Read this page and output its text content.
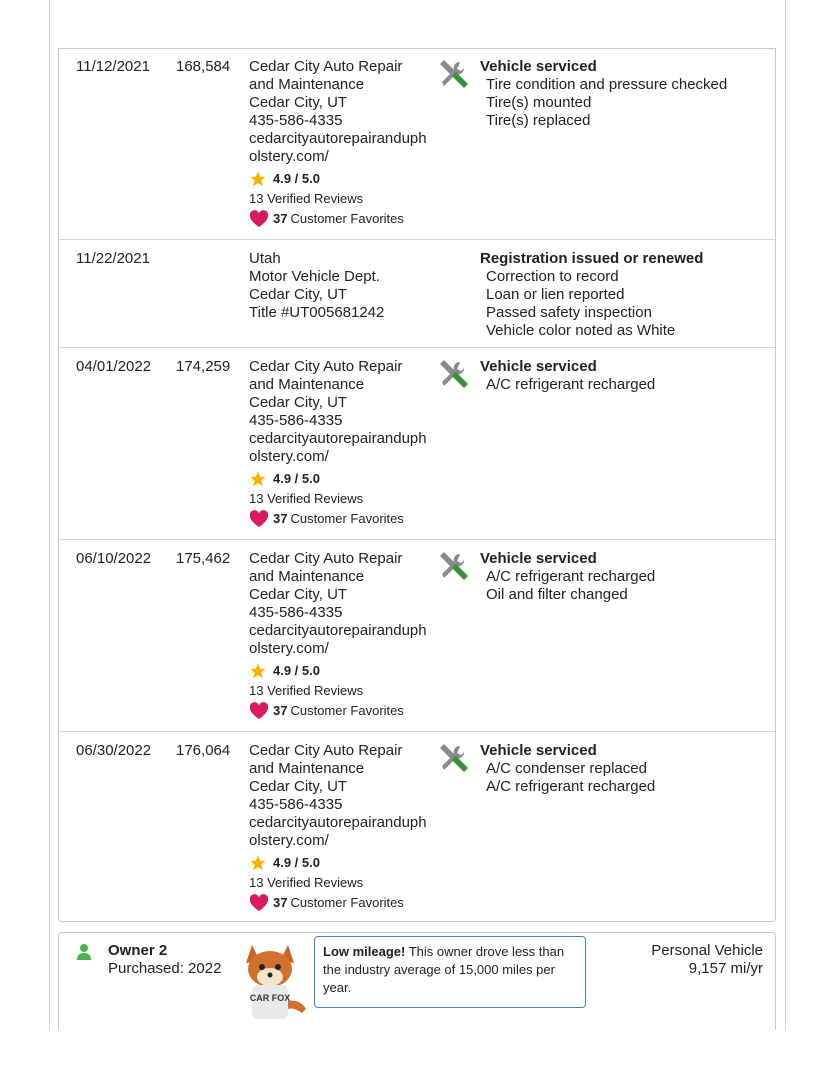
11/12/2021 168,584 Cedar City Auto Repair
and Maintenance
Cedar City, UT
435-586-4335
cedarcityautorepairandupholstery.com/
4.9 / 5.0
13 Verified Reviews
37 Customer Favorites
Vehicle serviced
Tire condition and pressure checked
Tire(s) mounted
Tire(s) replaced
11/22/2021	Utah
Motor Vehicle Dept.
Cedar City, UT
Title #UT005681242
Registration issued or renewed
Correction to record
Loan or lien reported
Passed safety inspection
Vehicle color noted as White
04/01/2022 174,259 Cedar City Auto Repair
and Maintenance
Cedar City, UT
435-586-4335
cedarcityautorepairandupholstery.com/
4.9 / 5.0
13 Verified Reviews
37 Customer Favorites
Vehicle serviced
A/C refrigerant recharged
06/10/2022 175,462 Cedar City Auto Repair
and Maintenance
Cedar City, UT
435-586-4335
cedarcityautorepairandupholstery.com/
4.9 / 5.0
13 Verified Reviews
37 Customer Favorites
Vehicle serviced
A/C refrigerant recharged
Oil and filter changed
06/30/2022 176,064 Cedar City Auto Repair
and Maintenance
Cedar City, UT
435-586-4335
cedarcityautorepairandupholstery.com/
4.9 / 5.0
13 Verified Reviews
37 Customer Favorites
Vehicle serviced
A/C condenser replaced
A/C refrigerant recharged
Owner 2
Purchased: 2022
CAR FOX
Low mileage! This owner drove less than the industry average of 15,000 miles per year.
Personal Vehicle
9,157 mi/yr
